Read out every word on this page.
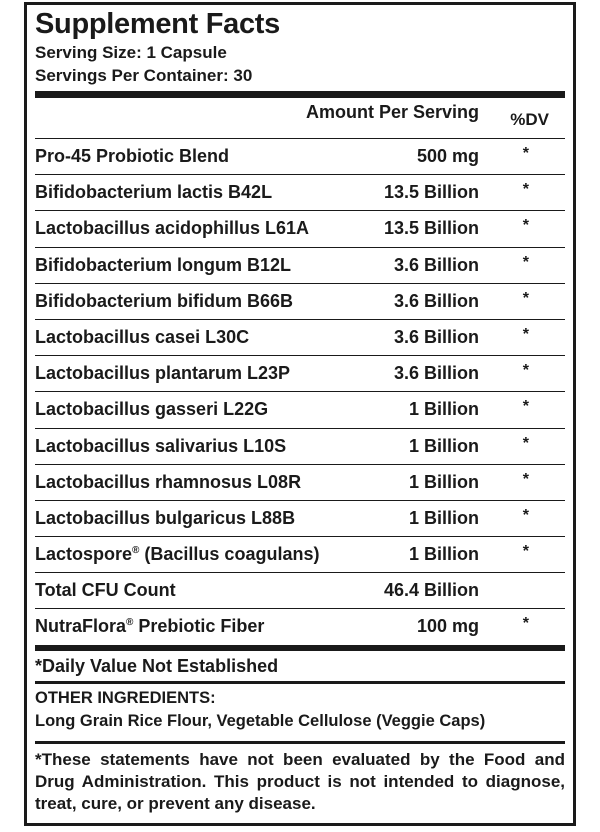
Supplement Facts
Serving Size: 1 Capsule
Servings Per Container: 30
Amount Per Serving %DV
Pro-45 Probiotic Blend	500 mg	*
Bifidobacterium lactis B42L	13.5 Billion	*
Lactobacillus acidophillus L61A	13.5 Billion	*
Bifidobacterium longum B12L	3.6 Billion	*
Bifidobacterium bifidum B66B	3.6 Billion	*
Lactobacillus casei L30C	3.6 Billion	*
Lactobacillus plantarum L23P	3.6 Billion	*
Lactobacillus gasseri L22G	1 Billion	*
Lactobacillus salivarius L10S	1 Billion	*
Lactobacillus rhamnosus L08R	1 Billion	*
Lactobacillus bulgaricus L88B	1 Billion	*
Lactospore® (Bacillus coagulans)	1 Billion	*
Total CFU Count	46.4 Billion
NutraFlora® Prebiotic Fiber	100 mg	*
*Daily Value Not Established
OTHER INGREDIENTS:
Long Grain Rice Flour, Vegetable Cellulose (Veggie Caps)
*These statements have not been evaluated by the Food and Drug Administration. This product is not intended to diagnose, treat, cure, or prevent any disease.
